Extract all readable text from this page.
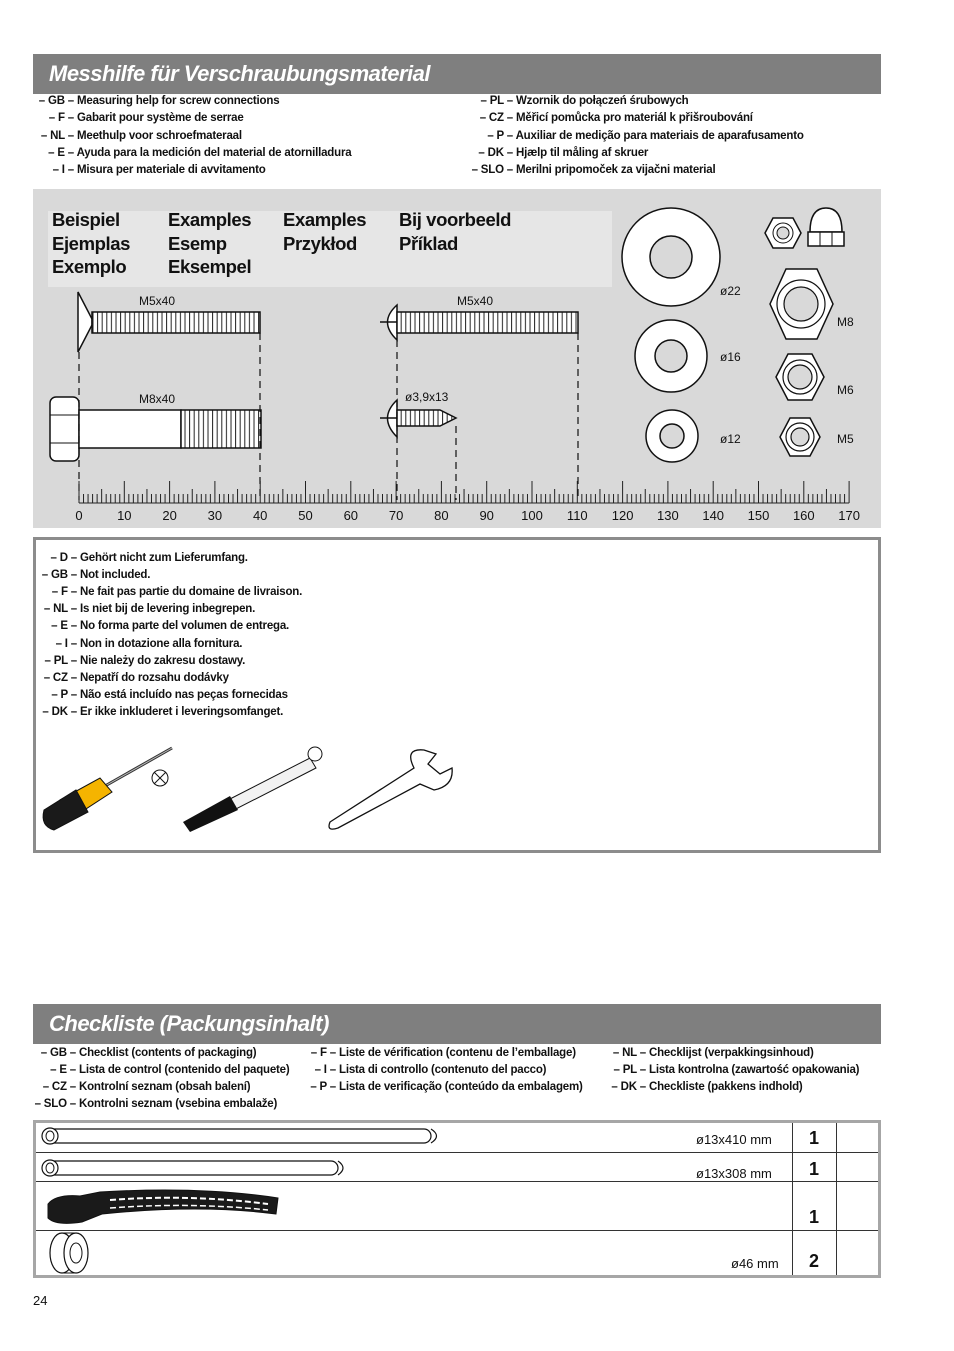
Messhilfe für Verschraubungsmaterial
– GB – Measuring help for screw connections
– F – Gabarit pour système de serrae
– NL – Meethulp voor schroefmateraal
– E – Ayuda para la medición del material de atornilladura
– I – Misura per materiale di avvitamento
– PL – Wzornik do połączeń śrubowych
– CZ – Měřicí pomůcka pro materiál k přišroubování
– P – Auxiliar de medição para materiais de aparafusamento
– DK – Hjælp til måling af skruer
– SLO – Merilni pripomoček za vijačni material
Beispiel
Ejemplas
Exemplo
Examples
Esemp
Eksempel
Examples
Przykłod
Bij voorbeeld
Příklad
M5x40	M5x40
M8x40	ø3,9x13
ø22
ø16
ø12
M8
M6
M5
0	10 20 30 40 50 60 70 80 90 100 110 120 130 140 150 160 170
– D – Gehört nicht zum Lieferumfang.
– GB – Not included.
– F – Ne fait pas partie du domaine de livraison.
– NL – Is niet bij de levering inbegrepen.
– E – No forma parte del volumen de entrega.
– I – Non in dotazione alla fornitura.
– PL – Nie należy do zakresu dostawy.
– CZ – Nepatří do rozsahu dodávky
– P – Não está incluído nas peças fornecidas
– DK – Er ikke inkluderet i leveringsomfanget.
Checkliste (Packungsinhalt)
– GB – Checklist (contents of packaging)
– E – Lista de control (contenido del paquete)
– CZ – Kontrolní seznam (obsah balení)
– SLO – Kontrolni seznam (vsebina embalaže)
– F – Liste de vérification (contenu de l’emballage)
– I – Lista di controllo (contenuto del pacco)
– P – Lista de verificação (conteúdo da embalagem)
– NL – Checklijst (verpakkingsinhoud)
– PL – Lista kontrolna (zawartość opakowania)
– DK – Checkliste (pakkens indhold)
ø13x410 mm 1
ø13x308 mm 1
1
ø46 mm 2
24
